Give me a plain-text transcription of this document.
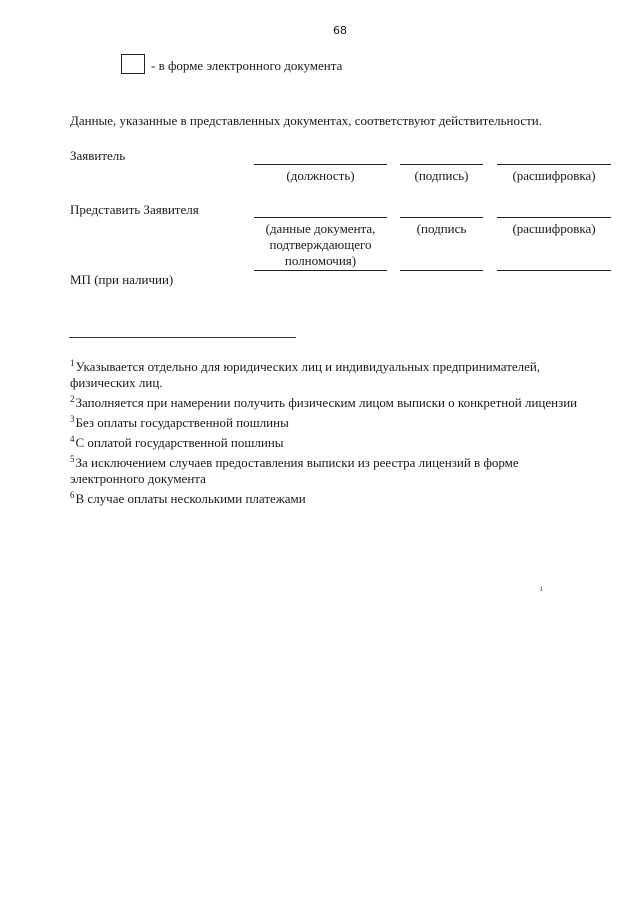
68
- в форме электронного документа
Данные, указанные в представленных документах, соответствуют действительности.
Заявитель
(должность)	(подпись)	(расшифровка)
Представить Заявителя
(данные документа,
подтверждающего
полномочия)
(подпись	(расшифровка)
МП (при наличии)

$^1$Указывается отдельно для юридических лиц и индивидуальных предпринимателей,
физических лиц.

$^2$Заполняется при намерении получить физическим лицом выписки о конкретной лицензии

$^3$Без оплаты государственной пошлины

$^4$С оплатой государственной пошлины

$^5$За исключением случаев предоставления выписки из реестра лицензий в форме
электронного документа

$^6$В случае оплаты несколькими платежами

ı
